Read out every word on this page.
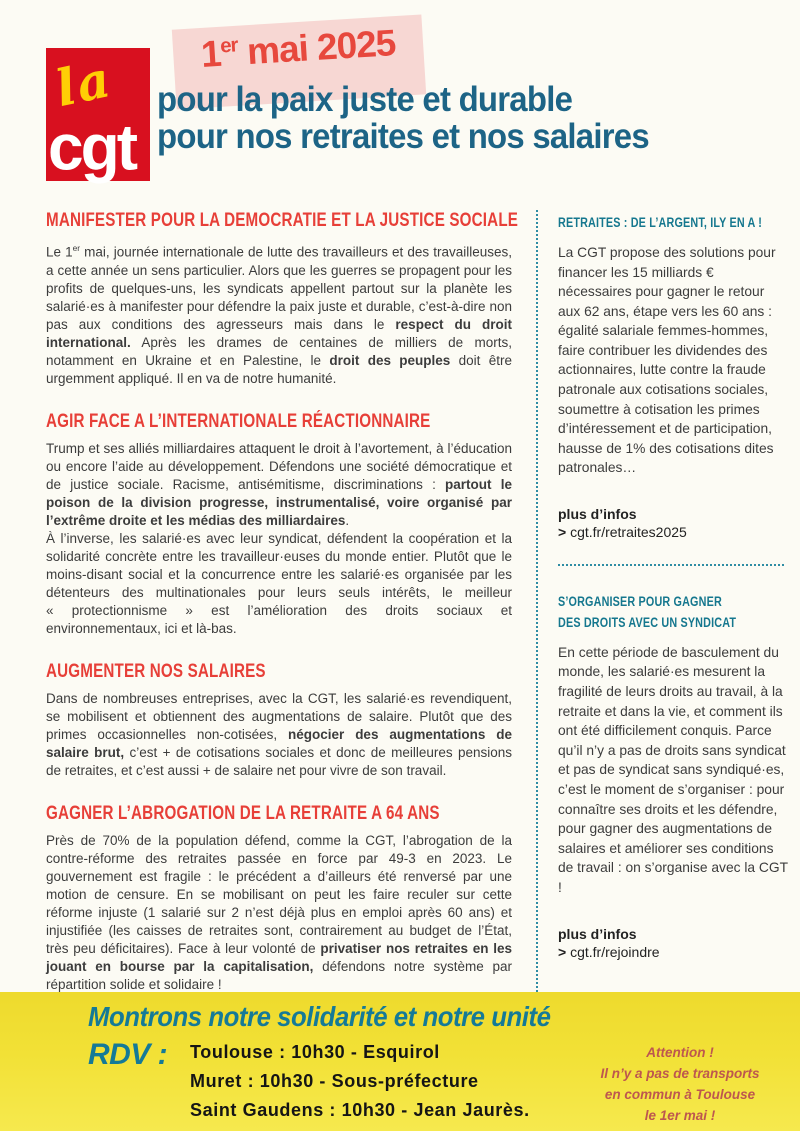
la
cgt
1er mai 2025
pour la paix juste et durable
pour nos retraites et nos salaires
MANIFESTER POUR LA DEMOCRATIE ET LA JUSTICE SOCIALE

Le 1er mai, journée internationale de lutte des travailleurs et des travailleuses, a cette année un sens particulier. Alors que les guerres se propagent pour les profits de quelques-uns, les syndicats appellent partout sur la planète les salarié·es à manifester pour défendre la paix juste et durable, c’est-à-dire non pas aux conditions des agresseurs mais dans le respect du droit international. Après les drames de centaines de milliers de morts, notamment en Ukraine et en Palestine, le droit des peuples doit être urgemment appliqué. Il en va de notre humanité.

AGIR FACE A L’INTERNATIONALE RÉACTIONNAIRE

Trump et ses alliés milliardaires attaquent le droit à l’avortement, à l’éducation ou encore l’aide au développement. Défendons une société démocratique et de justice sociale. Racisme, antisémitisme, discriminations : partout le poison de la division progresse, instrumentalisé, voire organisé par l’extrême droite et les médias des milliardaires.

À l’inverse, les salarié·es avec leur syndicat, défendent la coopération et la solidarité concrète entre les travailleur·euses du monde entier. Plutôt que le moins-disant social et la concurrence entre les salarié·es organisée par les détenteurs des multinationales pour leurs seuls intérêts, le meilleur « protectionnisme » est l’amélioration des droits sociaux et environnementaux, ici et là-bas.

AUGMENTER NOS SALAIRES

Dans de nombreuses entreprises, avec la CGT, les salarié·es revendiquent, se mobilisent et obtiennent des augmentations de salaire. Plutôt que des primes occasionnelles non-cotisées, négocier des augmentations de salaire brut, c’est + de cotisations sociales et donc de meilleures pensions de retraites, et c’est aussi + de salaire net pour vivre de son travail.

GAGNER L’ABROGATION DE LA RETRAITE A 64 ANS

Près de 70% de la population défend, comme la CGT, l’abrogation de la contre-réforme des retraites passée en force par 49-3 en 2023. Le gouvernement est fragile : le précédent a d’ailleurs été renversé par une motion de censure. En se mobilisant on peut les faire reculer sur cette réforme injuste (1 salarié sur 2 n’est déjà plus en emploi après 60 ans) et injustifiée (les caisses de retraites sont, contrairement au budget de l’État, très peu déficitaires). Face à leur volonté de privatiser nos retraites en les jouant en bourse par la capitalisation, défendons notre système par répartition solide et solidaire !

RETRAITES : DE L’ARGENT, ILY EN A !

La CGT propose des solutions pour financer les 15 milliards € nécessaires pour gagner le retour aux 62 ans, étape vers les 60 ans : égalité salariale femmes-hommes, faire contribuer les dividendes des actionnaires, lutte contre la fraude patronale aux cotisations sociales, soumettre à cotisation les primes d’intéressement et de participation, hausse de 1% des cotisations dites patronales…

plus d’infos
> cgt.fr/retraites2025
S’ORGANISER POUR GAGNER DES DROITS AVEC UN SYNDICAT

En cette période de basculement du monde, les salarié·es mesurent la fragilité de leurs droits au travail, à la retraite et dans la vie, et comment ils ont été difficilement conquis. Parce qu’il n’y a pas de droits sans syndicat et pas de syndicat sans syndiqué·es, c’est le moment de s’organiser : pour connaître ses droits et les défendre, pour gagner des augmentations de salaires et améliorer ses conditions de travail : on s’organise avec la CGT !

plus d’infos
> cgt.fr/rejoindre
Montrons notre solidarité et notre unité
RDV :	Toulouse : 10h30 - Esquirol
Muret : 10h30 - Sous-préfecture
Saint Gaudens : 10h30 - Jean Jaurès.
Attention !
Il n’y a pas de transports
en commun à Toulouse
le 1er mai !
